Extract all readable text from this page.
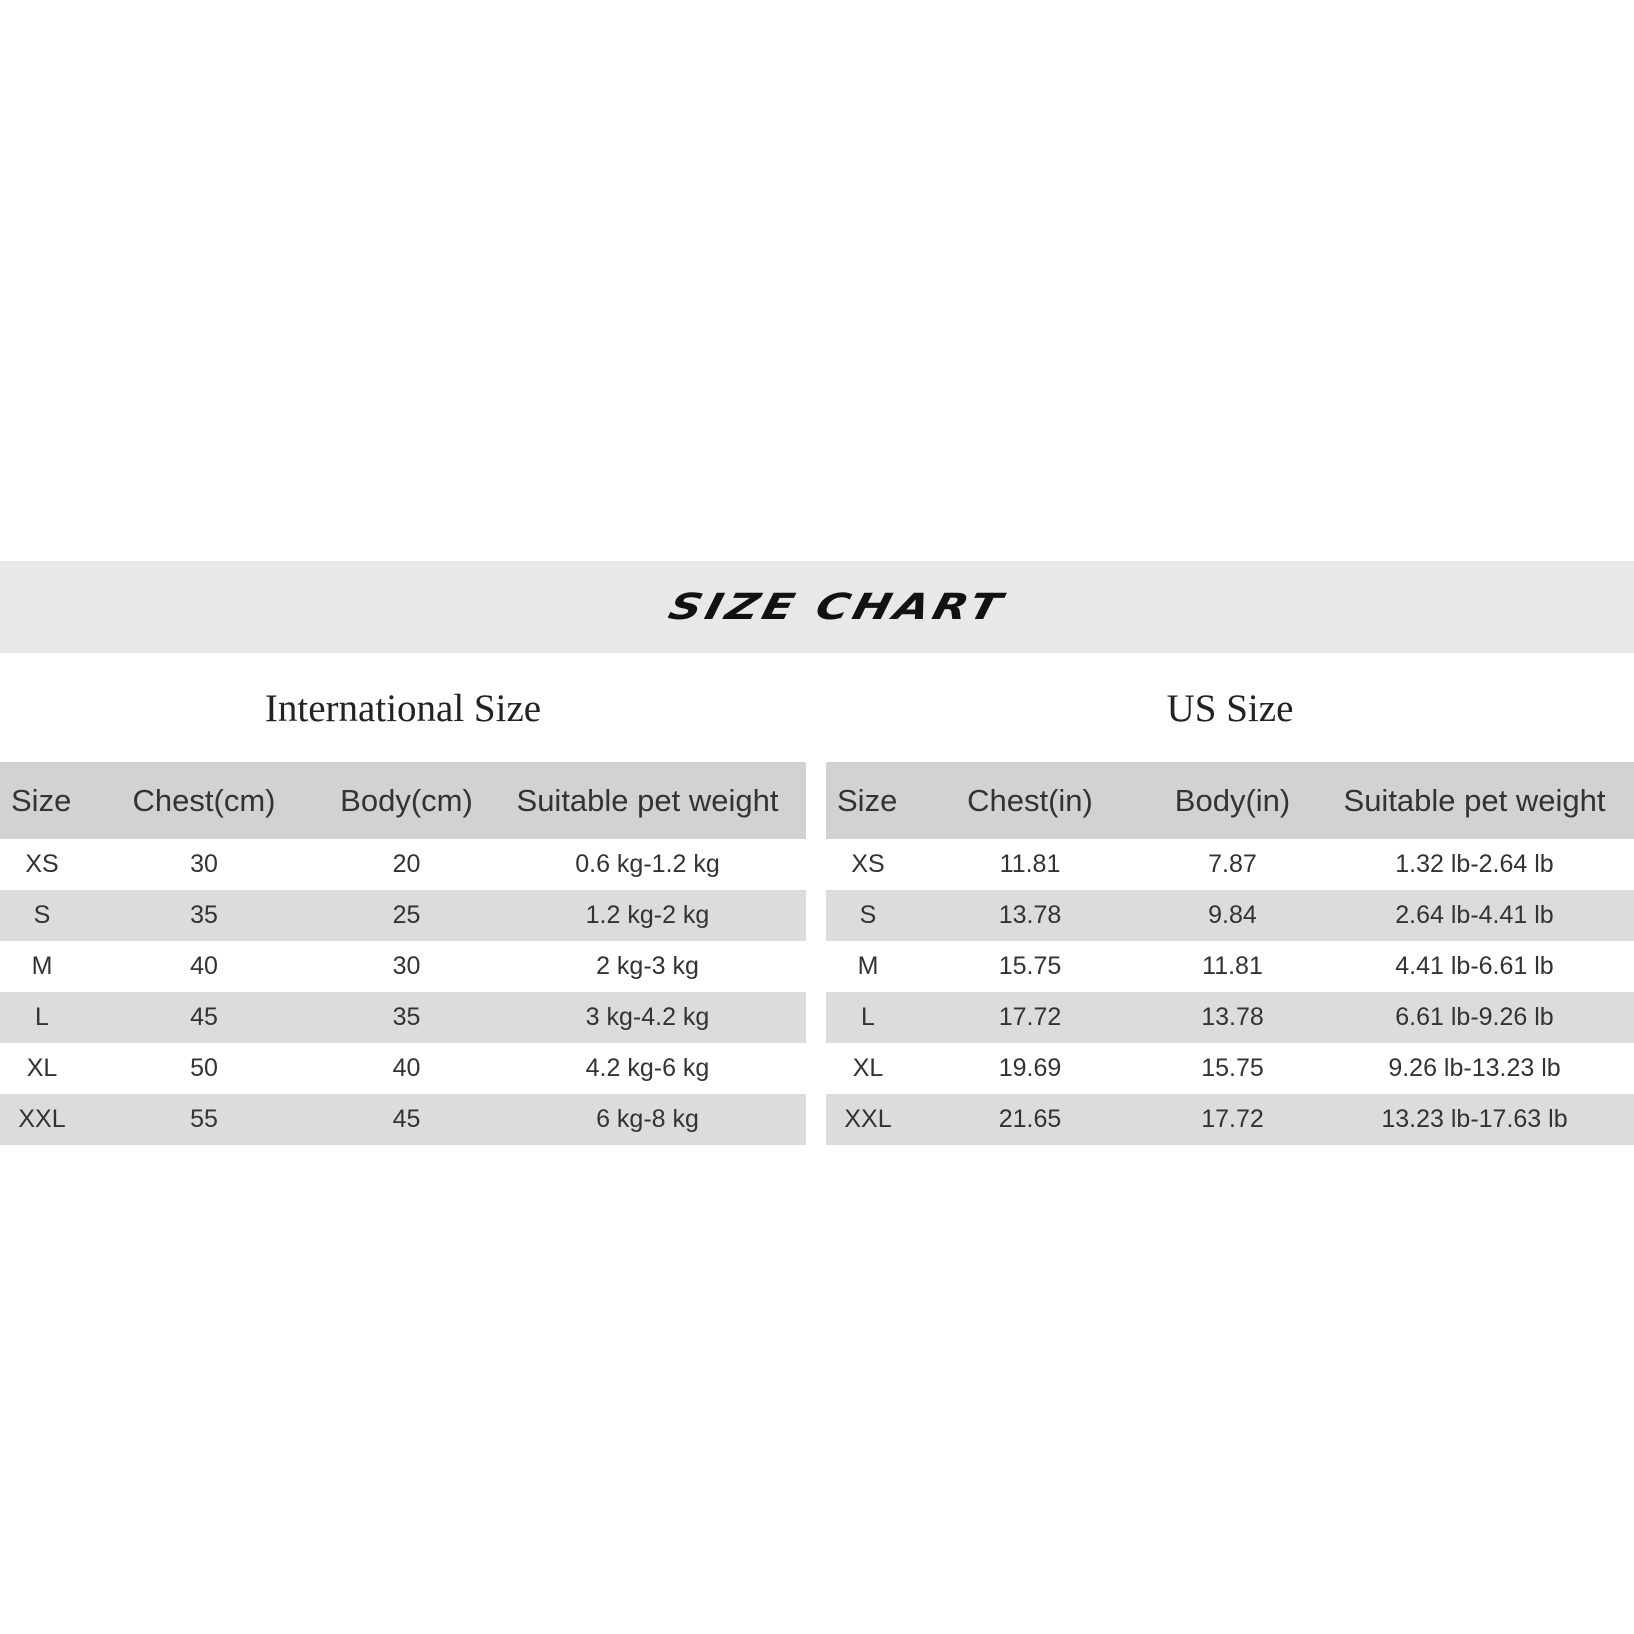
SIZE CHART
International Size	US Size
Size	Chest(cm)	Body(cm)	Suitable pet weight
XS	30	20	0.6 kg-1.2 kg
S	35	25	1.2 kg-2 kg
M	40	30	2 kg-3 kg
L	45	35	3 kg-4.2 kg
XL	50	40	4.2 kg-6 kg
XXL	55	45	6 kg-8 kg
Size	Chest(in)	Body(in)	Suitable pet weight
XS	11.81	7.87	1.32 lb-2.64 lb
S	13.78	9.84	2.64 lb-4.41 lb
M	15.75	11.81	4.41 lb-6.61 lb
L	17.72	13.78	6.61 lb-9.26 lb
XL	19.69	15.75	9.26 lb-13.23 lb
XXL	21.65	17.72	13.23 lb-17.63 lb
